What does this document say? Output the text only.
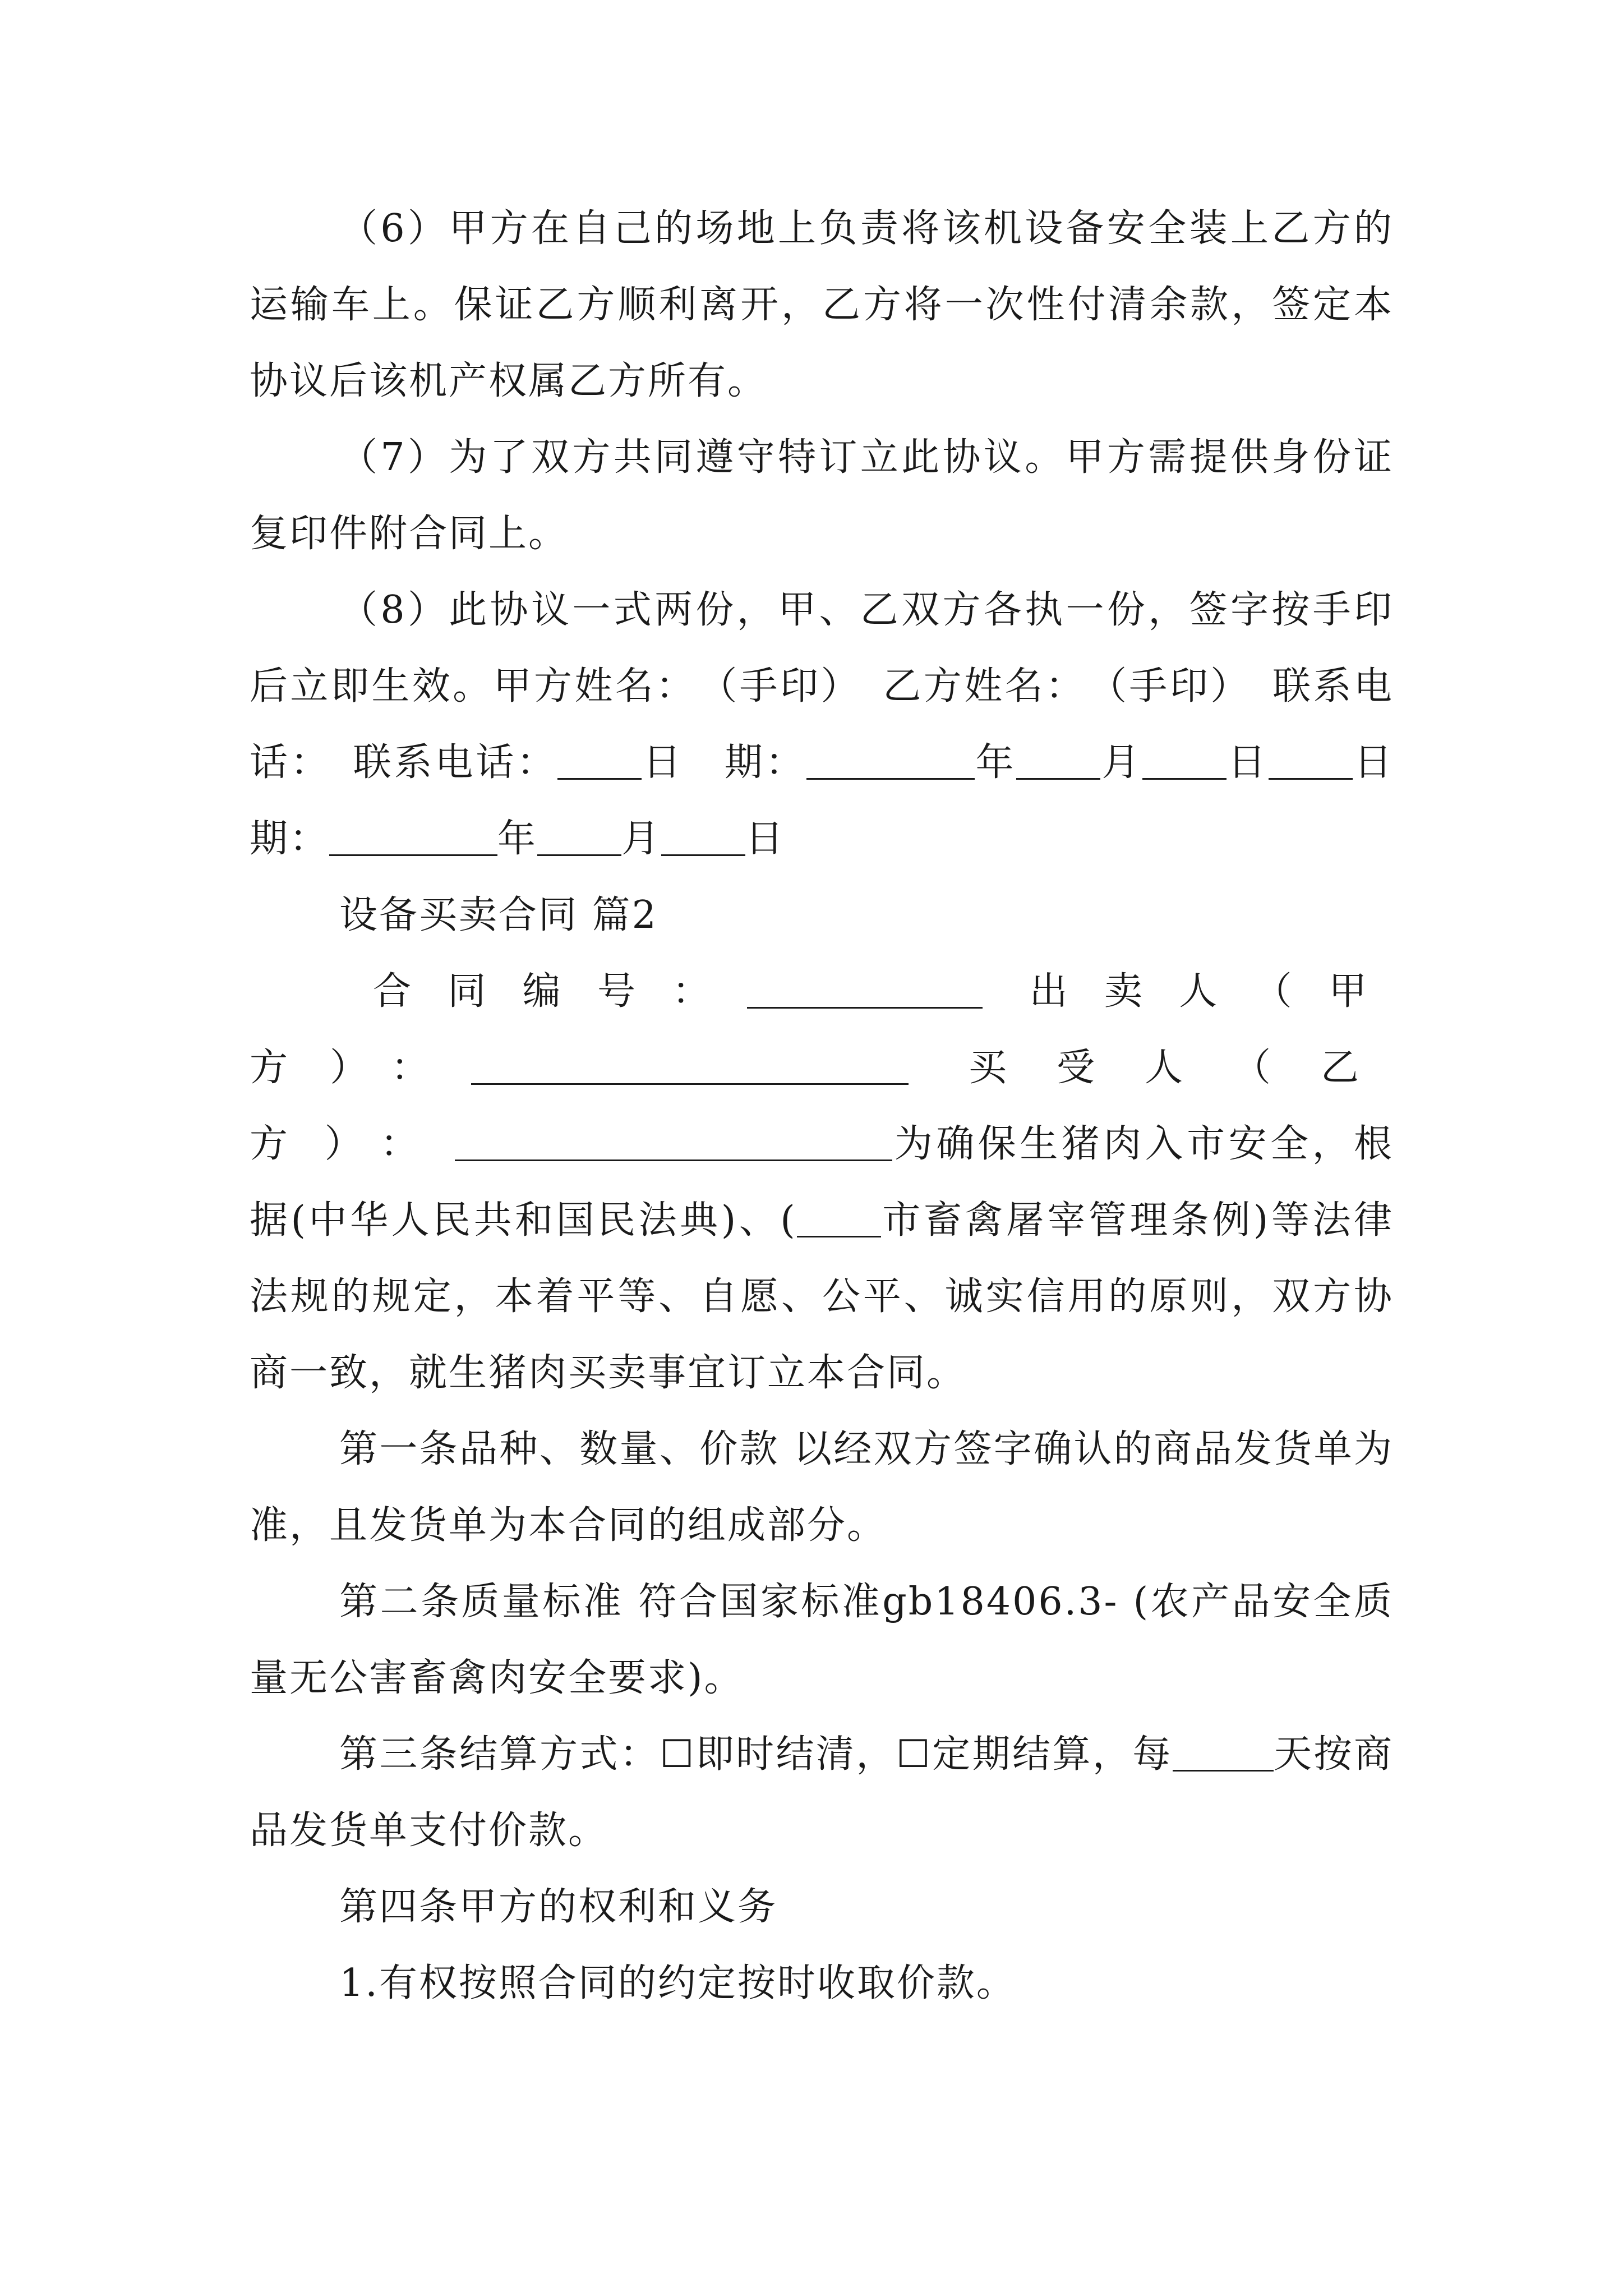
（6）甲方在自己的场地上负责将该机设备安全装上乙方的运输车上。保证乙方顺利离开，乙方将一次性付清余款，签定本协议后该机产权属乙方所有。

（7）为了双方共同遵守特订立此协议。甲方需提供身份证复印件附合同上。

（8）此协议一式两份，甲、乙双方各执一份，签字按手印后立即生效。甲方姓名：　（手印）　乙方姓名：　（手印）　联系电话：　联系电话： 日　期：	年 月 日 日　期：	年 月 日

设备买卖合同 篇2

合同编号：	出卖人（甲方）：	买受人（乙方）：	为确保生猪肉入市安全，根据(中华人民共和国民法典)、( 市畜禽屠宰管理条例)等法律法规的规定，本着平等、自愿、公平、诚实信用的原则，双方协商一致，就生猪肉买卖事宜订立本合同。

第一条品种、数量、价款 以经双方签字确认的商品发货单为准，且发货单为本合同的组成部分。

第二条质量标准 符合国家标准gb18406.3- (农产品安全质量无公害畜禽肉安全要求)。

第三条结算方式：☐即时结清，☐定期结算，每	天按商品发货单支付价款。

第四条甲方的权利和义务

1.有权按照合同的约定按时收取价款。
